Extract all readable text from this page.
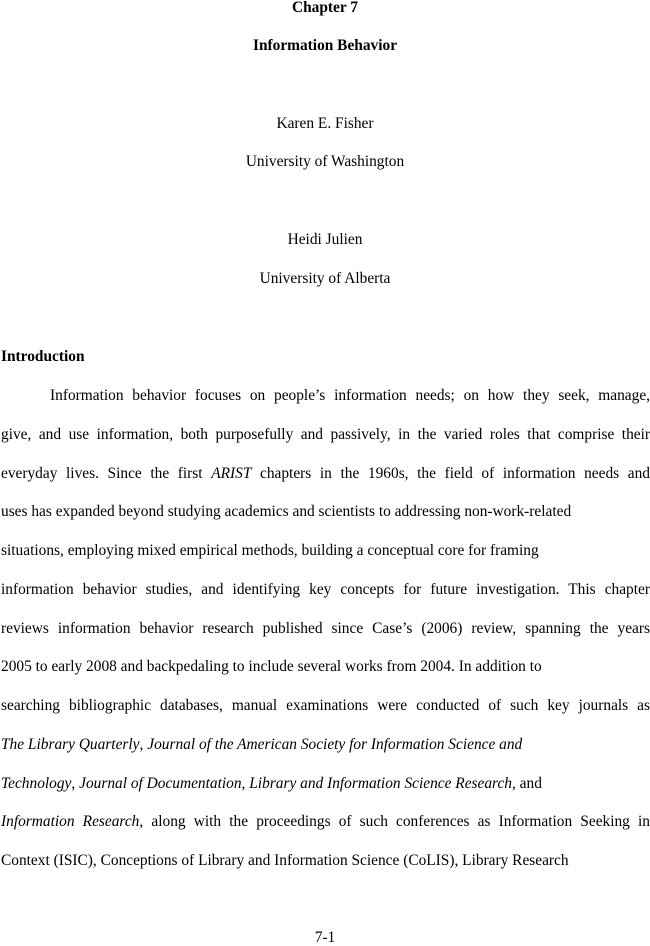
Chapter 7
Information Behavior
Karen E. Fisher
University of Washington
Heidi Julien
University of Alberta
Introduction
Information behavior focuses on people’s information needs; on how they seek, manage,
give, and use information, both purposefully and passively, in the varied roles that comprise their
everyday lives. Since the first ARIST chapters in the 1960s, the field of information needs and
uses has expanded beyond studying academics and scientists to addressing non-work-related
situations, employing mixed empirical methods, building a conceptual core for framing
information behavior studies, and identifying key concepts for future investigation. This chapter
reviews information behavior research published since Case’s (2006) review, spanning the years
2005 to early 2008 and backpedaling to include several works from 2004. In addition to
searching bibliographic databases, manual examinations were conducted of such key journals as
The Library Quarterly, Journal of the American Society for Information Science and
Technology, Journal of Documentation, Library and Information Science Research, and
Information Research, along with the proceedings of such conferences as Information Seeking in
Context (ISIC), Conceptions of Library and Information Science (CoLIS), Library Research
7-1
